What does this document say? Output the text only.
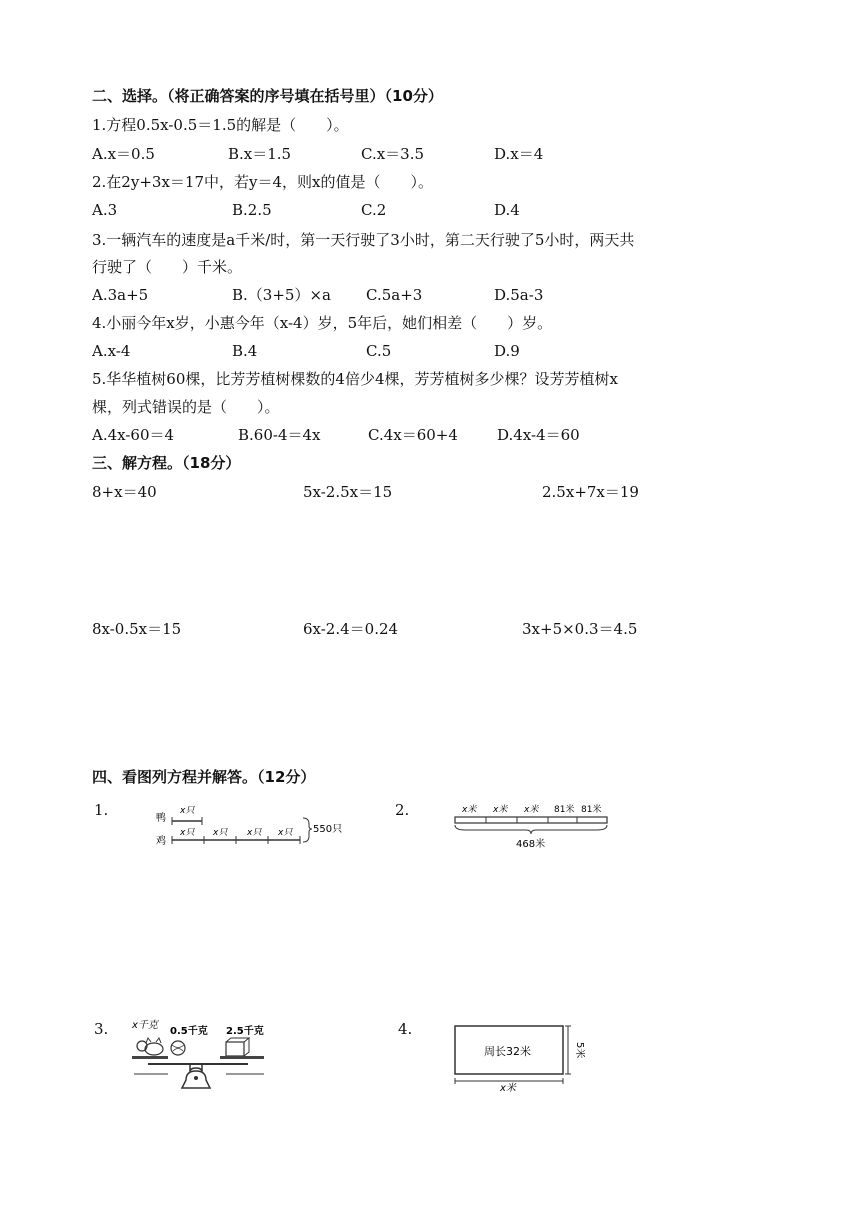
二、选择。（将正确答案的序号填在括号里）（10分）
1.方程0.5x-0.5＝1.5的解是（　　）。
A.x＝0.5	B.x＝1.5	C.x＝3.5	D.x＝4
2.在2y+3x＝17中，若y＝4，则x的值是（　　）。
A.3	B.2.5	C.2	D.4
3.一辆汽车的速度是a千米/时，第一天行驶了3小时，第二天行驶了5小时，两天共
行驶了（　　）千米。
A.3a+5	B.（3+5）×a C.5a+3	D.5a-3
4.小丽今年x岁，小惠今年（x-4）岁，5年后，她们相差（　　）岁。
A.x-4	B.4	C.5	D.9
5.华华植树60棵，比芳芳植树棵数的4倍少4棵，芳芳植树多少棵？设芳芳植树x
棵，列式错误的是（　　）。
A.4x-60＝4	B.60-4＝4x	C.4x＝60+4	D.4x-4＝60
三、解方程。（18分）
8+x＝40	5x-2.5x＝15	2.5x+7x＝19
8x-0.5x＝15	6x-2.4＝0.24	3x+5×0.3＝4.5
四、看图列方程并解答。（12分）
1.	鸭
鸡
x只
x只 x只 x只 x只 550只
2.	x米 x米 x米 81米 81米
468米
3. x千克
0.5千克 2.5千克	4.
周长32米	5米
x米
